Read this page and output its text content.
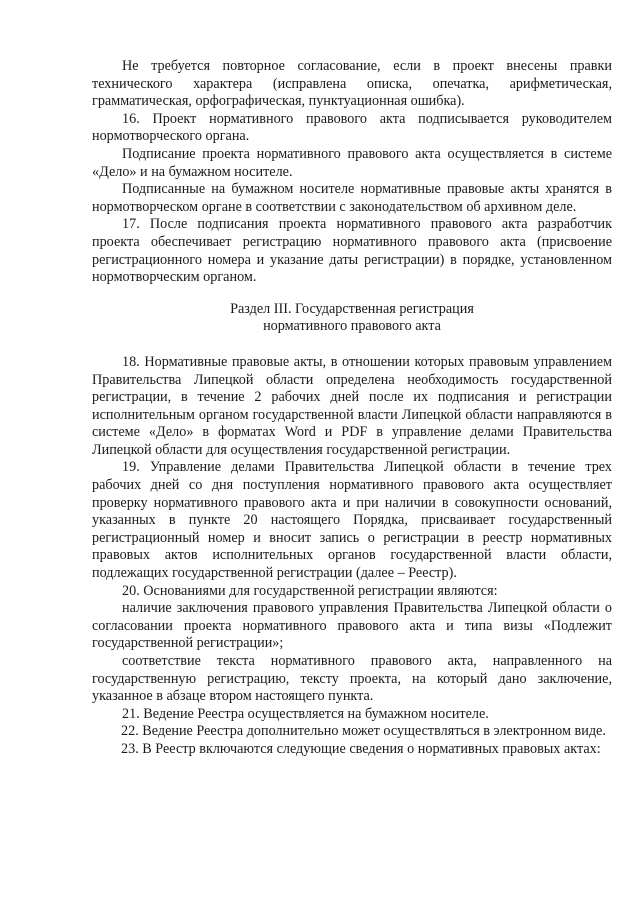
Не требуется повторное согласование, если в проект внесены правки технического характера (исправлена описка, опечатка, арифметическая, грамматическая, орфографическая, пунктуационная ошибка).

16. Проект нормативного правового акта подписывается руководителем нормотворческого органа.

Подписание проекта нормативного правового акта осуществляется в системе «Дело» и на бумажном носителе.

Подписанные на бумажном носителе нормативные правовые акты хранятся в нормотворческом органе в соответствии с законодательством об архивном деле.

17. После подписания проекта нормативного правового акта разработчик проекта обеспечивает регистрацию нормативного правового акта (присвоение регистрационного номера и указание даты регистрации) в порядке, установленном нормотворческим органом.

Раздел III. Государственная регистрация
нормативного правового акта

18. Нормативные правовые акты, в отношении которых правовым управлением Правительства Липецкой области определена необходимость государственной регистрации, в течение 2 рабочих дней после их подписания и регистрации исполнительным органом государственной власти Липецкой области направляются в системе «Дело» в форматах Word и PDF в управление делами Правительства Липецкой области для осуществления государственной регистрации.

19. Управление делами Правительства Липецкой области в течение трех рабочих дней со дня поступления нормативного правового акта осуществляет проверку нормативного правового акта и при наличии в совокупности оснований, указанных в пункте 20 настоящего Порядка, присваивает государственный регистрационный номер и вносит запись о регистрации в реестр нормативных правовых актов исполнительных органов государственной власти области, подлежащих государственной регистрации (далее – Реестр).

20. Основаниями для государственной регистрации являются:

наличие заключения правового управления Правительства Липецкой области о согласовании проекта нормативного правового акта и типа визы «Подлежит государственной регистрации»;

соответствие текста нормативного правового акта, направленного на государственную регистрацию, тексту проекта, на который дано заключение, указанное в абзаце втором настоящего пункта.

21. Ведение Реестра осуществляется на бумажном носителе.

22. Ведение Реестра дополнительно может осуществляться в электронном виде.

23. В Реестр включаются следующие сведения о нормативных правовых актах:
